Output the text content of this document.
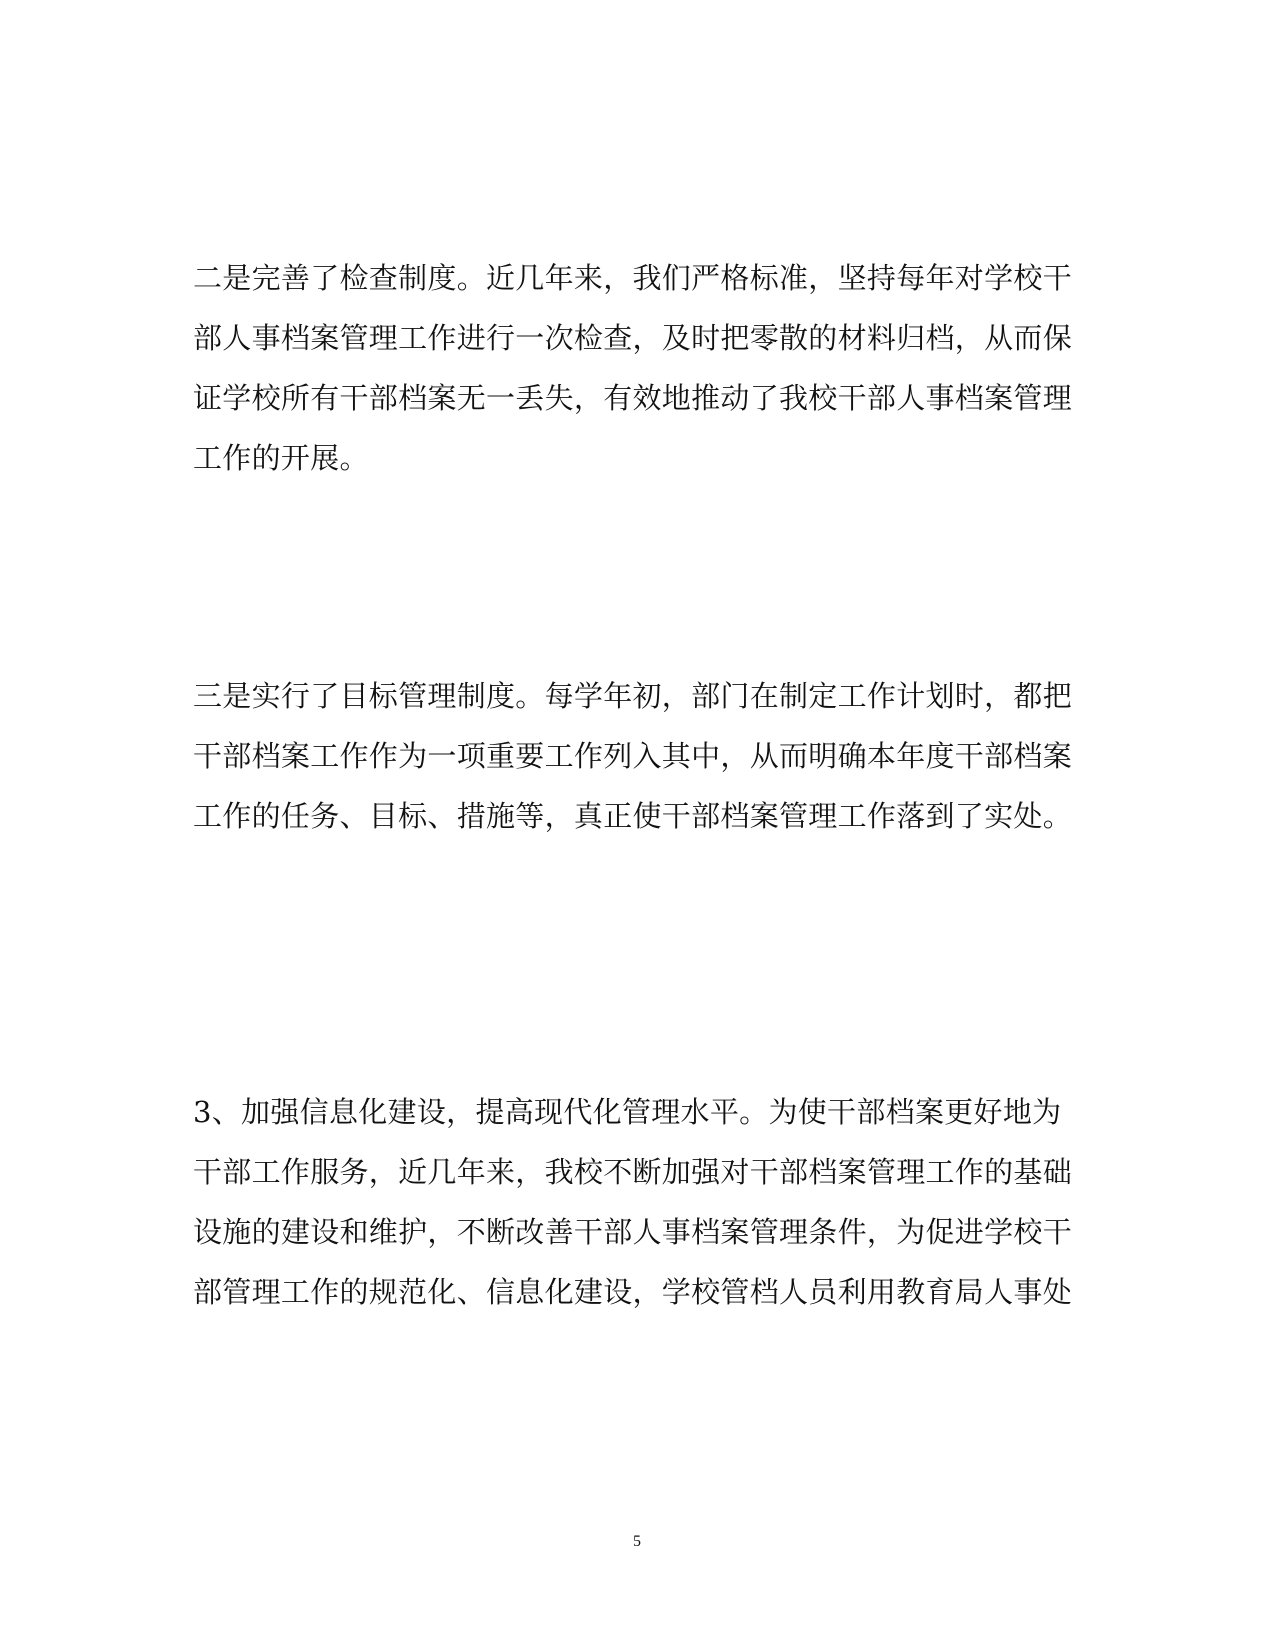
二是完善了检查制度。近几年来，我们严格标准，坚持每年对学校干
部人事档案管理工作进行一次检查，及时把零散的材料归档，从而保
证学校所有干部档案无一丢失，有效地推动了我校干部人事档案管理
工作的开展。
三是实行了目标管理制度。每学年初，部门在制定工作计划时，都把
干部档案工作作为一项重要工作列入其中，从而明确本年度干部档案
工作的任务、目标、措施等，真正使干部档案管理工作落到了实处。
3、加强信息化建设，提高现代化管理水平。为使干部档案更好地为
干部工作服务，近几年来，我校不断加强对干部档案管理工作的基础
设施的建设和维护，不断改善干部人事档案管理条件，为促进学校干
部管理工作的规范化、信息化建设，学校管档人员利用教育局人事处
5
